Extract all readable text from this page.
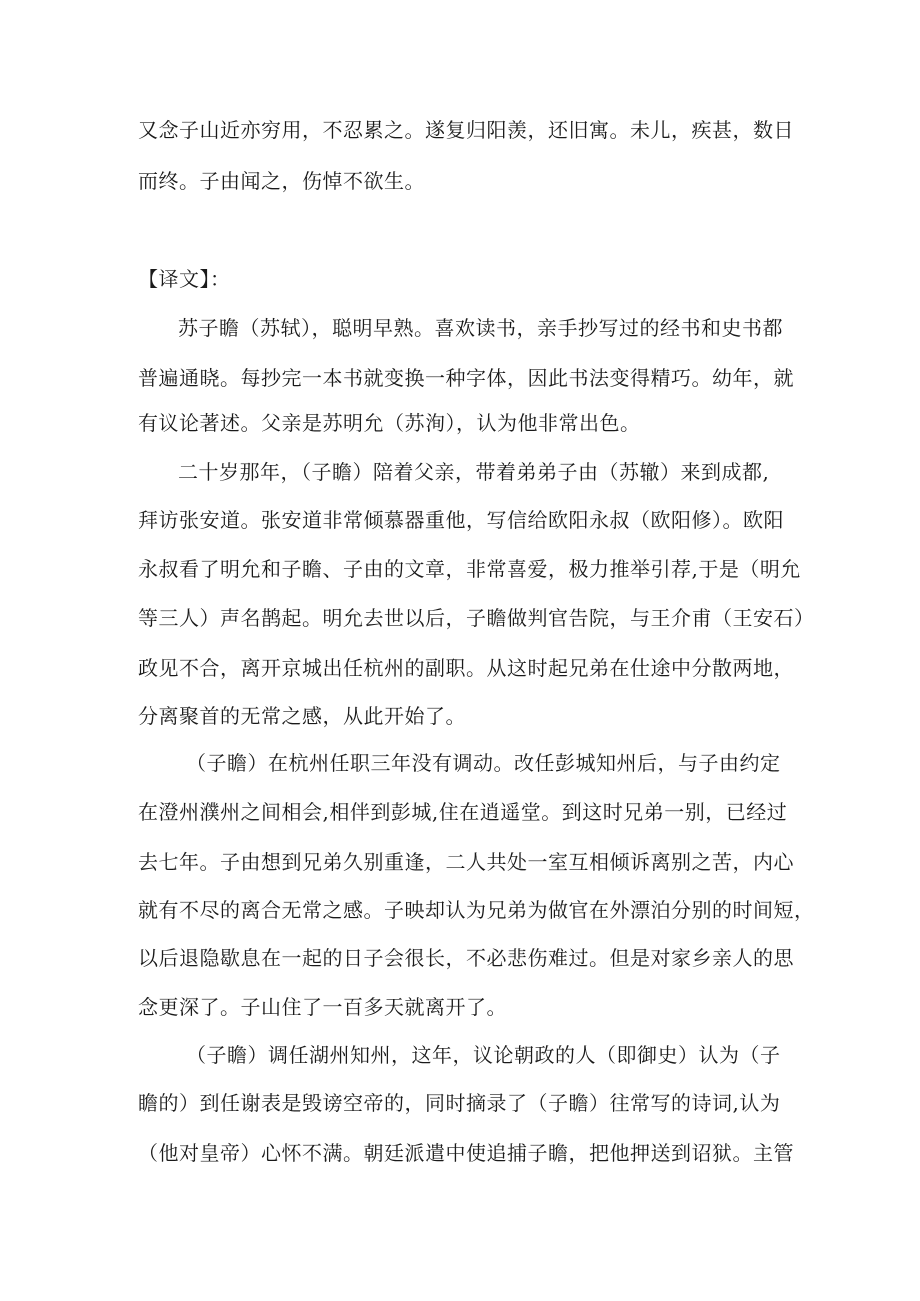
又念子山近亦穷用，不忍累之。遂复归阳羡，还旧寓。未儿，疾甚，数日
而终。子由闻之，伤悼不欲生。
【译文】：
苏子瞻（苏轼），聪明早熟。喜欢读书，亲手抄写过的经书和史书都
普遍通晓。每抄完一本书就变换一种字体，因此书法变得精巧。幼年，就
有议论著述。父亲是苏明允（苏洵），认为他非常出色。
二十岁那年，（子瞻）陪着父亲，带着弟弟子由（苏辙）来到成都,
拜访张安道。张安道非常倾慕器重他，写信给欧阳永叔（欧阳修）。欧阳
永叔看了明允和子瞻、子由的文章，非常喜爱，极力推举引荐,于是（明允
等三人）声名鹊起。明允去世以后，子瞻做判官告院，与王介甫（王安石）
政见不合，离开京城出任杭州的副职。从这时起兄弟在仕途中分散两地，
分离聚首的无常之感，从此开始了。
（子瞻）在杭州任职三年没有调动。改任彭城知州后，与子由约定
在澄州濮州之间相会,相伴到彭城,住在逍遥堂。到这时兄弟一别，已经过
去七年。子由想到兄弟久别重逢，二人共处一室互相倾诉离别之苦，内心
就有不尽的离合无常之感。子映却认为兄弟为做官在外漂泊分别的时间短，
以后退隐歇息在一起的日子会很长，不必悲伤难过。但是对家乡亲人的思
念更深了。子山住了一百多天就离开了。
（子瞻）调任湖州知州，这年，议论朝政的人（即御史）认为（子
瞻的）到任谢表是毁谤空帝的，同时摘录了（子瞻）往常写的诗词,认为
（他对皇帝）心怀不满。朝廷派遣中使追捕子瞻，把他押送到诏狱。主管
